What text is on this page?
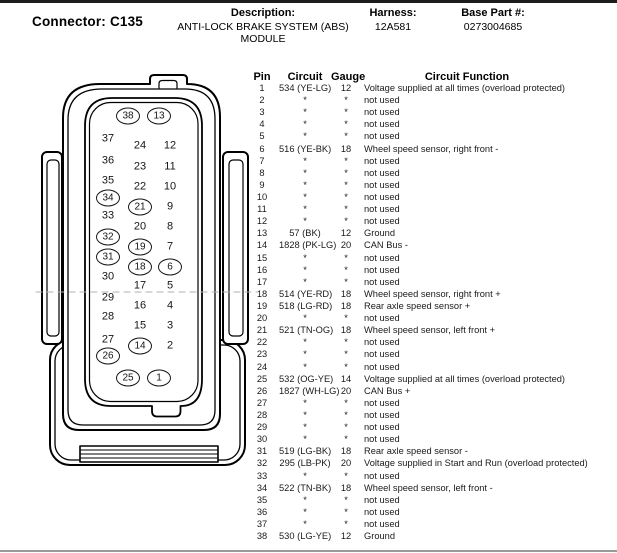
Connector: C135
Description:
ANTI-LOCK BRAKE SYSTEM (ABS) MODULE
Harness:
12A581
Base Part #:
0273004685
38	13
37
36
35
34
33
32
31
30
29
28
27
26
24
23
22
21
20
19
18
17
16
15
14
12
11
10
9
8
7
6
5
4
3
2
25	1
Pin	Circuit Gauge	Circuit Function
1	534 (YE-LG)	12	Voltage supplied at all times (overload protected)
2	*	*	not used
3	*	*	not used
4	*	*	not used
5	*	*	not used
6	516 (YE-BK)	18	Wheel speed sensor, right front -
7	*	*	not used
8	*	*	not used
9	*	*	not used
10	*	*	not used
11	*	*	not used
12	*	*	not used
13	57 (BK)	12	Ground
14	1828 (PK-LG) 20	CAN Bus -
15	*	*	not used
16	*	*	not used
17	*	*	not used
18	514 (YE-RD) 18	Wheel speed sensor, right front +
19	518 (LG-RD) 18	Rear axle speed sensor +
20	*	*	not used
21	521 (TN-OG) 18	Wheel speed sensor, left front +
22	*	*	not used
23	*	*	not used
24	*	*	not used
25	532 (OG-YE) 14	Voltage supplied at all times (overload protected)
26	1827 (WH-LG) 20	CAN Bus +
27	*	*	not used
28	*	*	not used
29	*	*	not used
30	*	*	not used
31	519 (LG-BK)	18	Rear axle speed sensor -
32	295 (LB-PK)	20	Voltage supplied in Start and Run (overload protected)
33	*	*	not used
34	522 (TN-BK)	18	Wheel speed sensor, left front -
35	*	*	not used
36	*	*	not used
37	*	*	not used
38	530 (LG-YE)	12	Ground
